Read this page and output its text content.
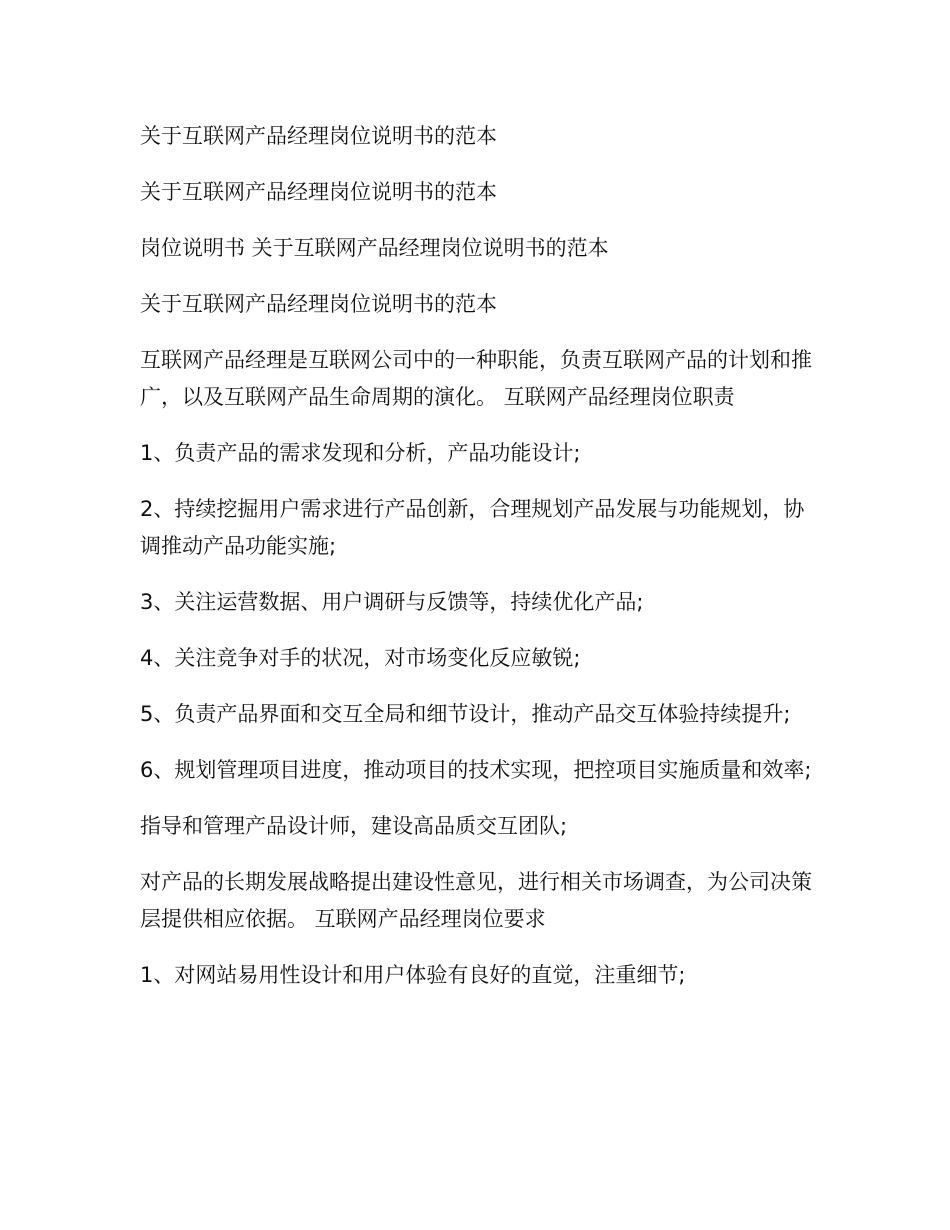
关于互联网产品经理岗位说明书的范本

关于互联网产品经理岗位说明书的范本

岗位说明书 关于互联网产品经理岗位说明书的范本

关于互联网产品经理岗位说明书的范本

互联网产品经理是互联网公司中的一种职能，负责互联网产品的计划和推广，以及互联网产品生命周期的演化。 互联网产品经理岗位职责

1、负责产品的需求发现和分析，产品功能设计;

2、持续挖掘用户需求进行产品创新，合理规划产品发展与功能规划，协调推动产品功能实施;

3、关注运营数据、用户调研与反馈等，持续优化产品;

4、关注竞争对手的状况，对市场变化反应敏锐;

5、负责产品界面和交互全局和细节设计，推动产品交互体验持续提升;

6、规划管理项目进度，推动项目的技术实现，把控项目实施质量和效率;

指导和管理产品设计师，建设高品质交互团队;

对产品的长期发展战略提出建设性意见，进行相关市场调查，为公司决策层提供相应依据。 互联网产品经理岗位要求

1、对网站易用性设计和用户体验有良好的直觉，注重细节;
